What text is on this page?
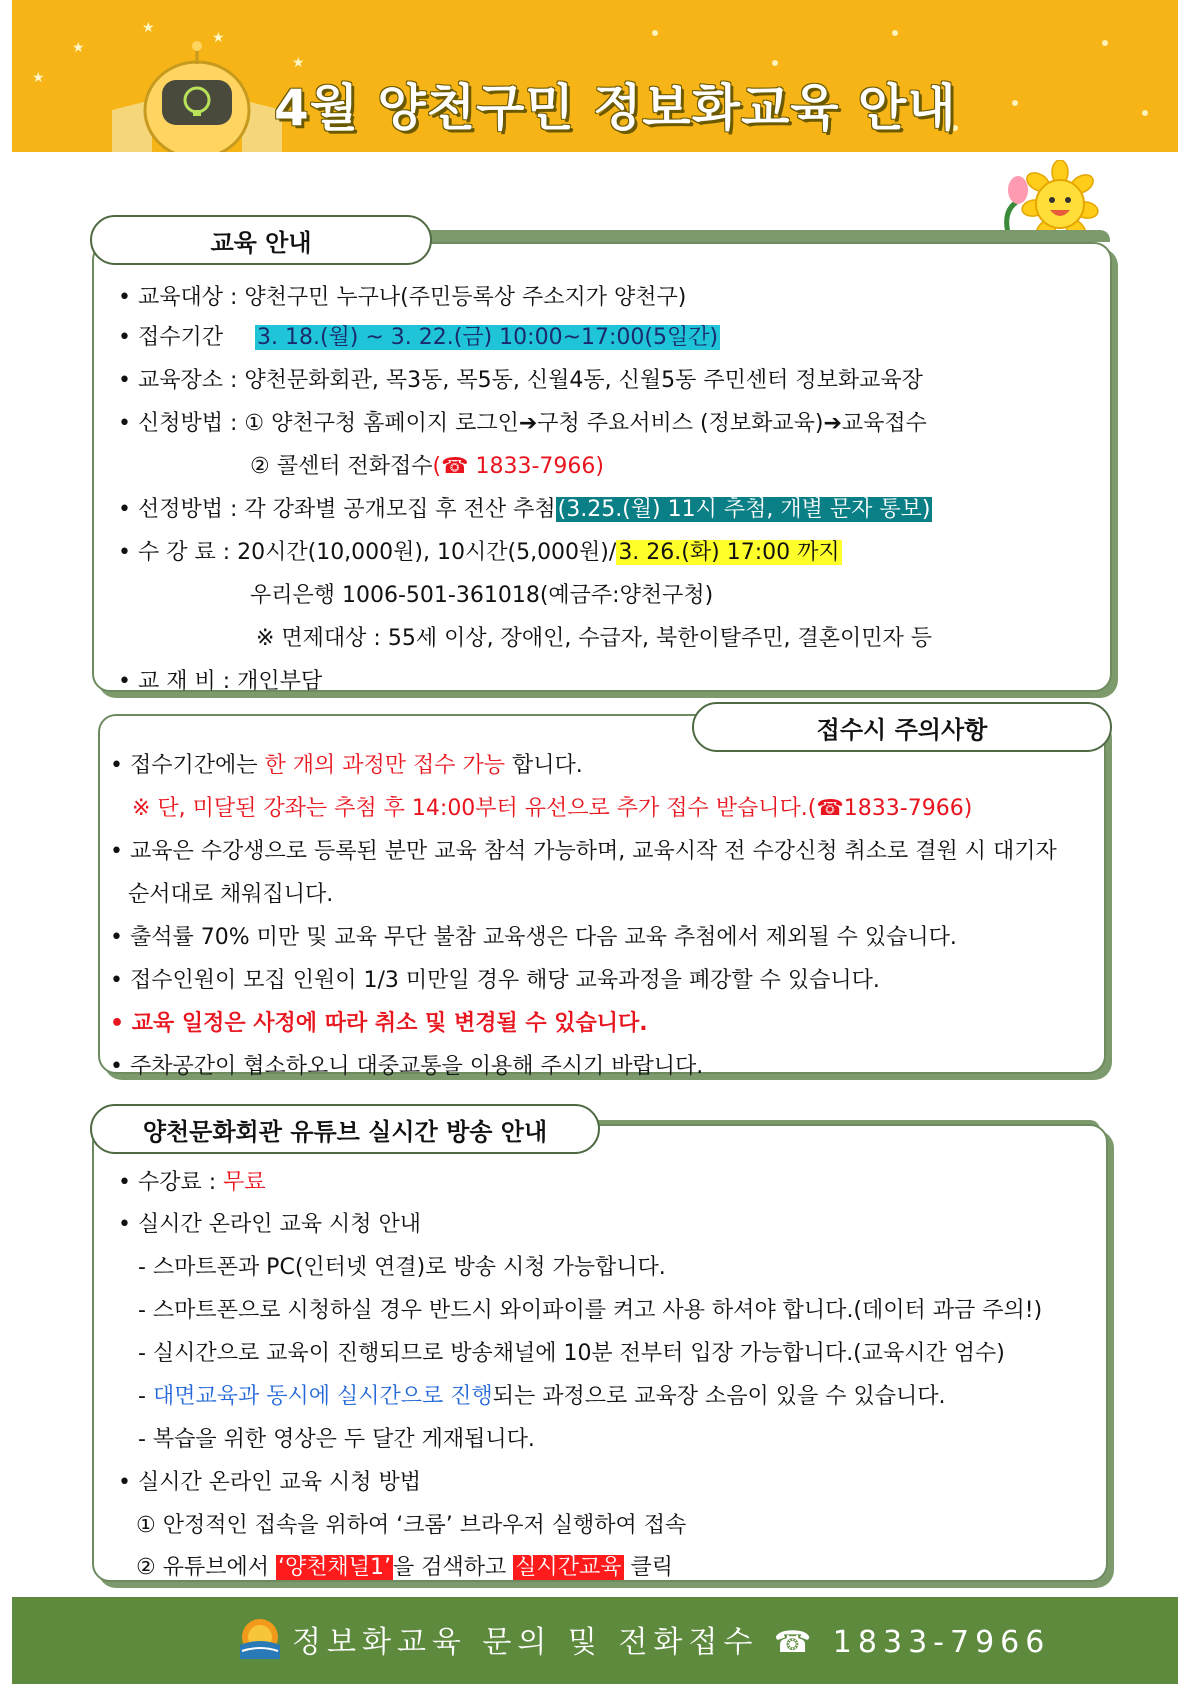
★
★
★
★
★
4월 양천구민 정보화교육 안내
교육 안내
• 교육대상 : 양천구민 누구나(주민등록상 주소지가 양천구)
• 접수기간 3. 18.(월) ~ 3. 22.(금) 10:00~17:00(5일간)
• 교육장소 : 양천문화회관, 목3동, 목5동, 신월4동, 신월5동 주민센터 정보화교육장
• 신청방법 : ① 양천구청 홈페이지 로그인➔구청 주요서비스 (정보화교육)➔교육접수
② 콜센터 전화접수(☎ 1833-7966)
• 선정방법 : 각 강좌별 공개모집 후 전산 추첨(3.25.(월) 11시 추첨, 개별 문자 통보)
• 수 강 료 : 20시간(10,000원), 10시간(5,000원)/3. 26.(화) 17:00 까지
우리은행 1006-501-361018(예금주:양천구청)
※ 면제대상 : 55세 이상, 장애인, 수급자, 북한이탈주민, 결혼이민자 등
• 교 재 비 : 개인부담
접수시 주의사항
• 접수기간에는 한 개의 과정만 접수 가능 합니다.
※ 단, 미달된 강좌는 추첨 후 14:00부터 유선으로 추가 접수 받습니다.(☎1833-7966)
• 교육은 수강생으로 등록된 분만 교육 참석 가능하며, 교육시작 전 수강신청 취소로 결원 시 대기자
순서대로 채워집니다.
• 출석률 70% 미만 및 교육 무단 불참 교육생은 다음 교육 추첨에서 제외될 수 있습니다.
• 접수인원이 모집 인원이 1/3 미만일 경우 해당 교육과정을 폐강할 수 있습니다.
• 교육 일정은 사정에 따라 취소 및 변경될 수 있습니다.
• 주차공간이 협소하오니 대중교통을 이용해 주시기 바랍니다.
양천문화회관 유튜브 실시간 방송 안내
• 수강료 : 무료
• 실시간 온라인 교육 시청 안내
- 스마트폰과 PC(인터넷 연결)로 방송 시청 가능합니다.
- 스마트폰으로 시청하실 경우 반드시 와이파이를 켜고 사용 하셔야 합니다.(데이터 과금 주의!)
- 실시간으로 교육이 진행되므로 방송채널에 10분 전부터 입장 가능합니다.(교육시간 엄수)
- 대면교육과 동시에 실시간으로 진행되는 과정으로 교육장 소음이 있을 수 있습니다.
- 복습을 위한 영상은 두 달간 게재됩니다.
• 실시간 온라인 교육 시청 방법
① 안정적인 접속을 위하여 ‘크롬’ 브라우저 실행하여 접속
② 유튜브에서 ‘양천채널1’을 검색하고 실시간교육 클릭
정보화교육 문의 및 전화접수 ☎ 1833-7966
